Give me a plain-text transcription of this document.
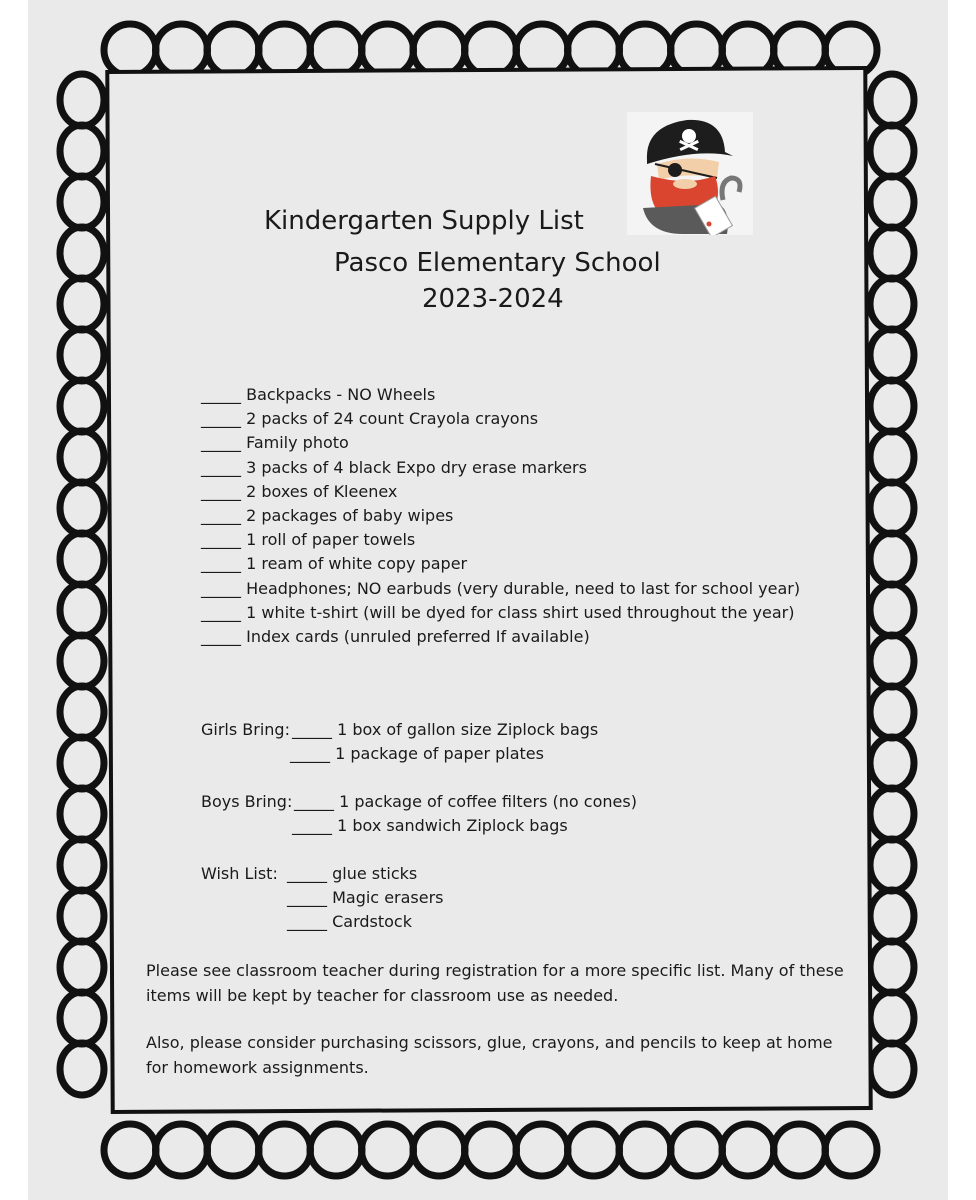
Kindergarten Supply List
Pasco Elementary School
2023-2024
_____ Backpacks - NO Wheels
_____ 2 packs of 24 count Crayola crayons
_____ Family photo
_____ 3 packs of 4 black Expo dry erase markers
_____ 2 boxes of Kleenex
_____ 2 packages of baby wipes
_____ 1 roll of paper towels
_____ 1 ream of white copy paper
_____ Headphones; NO earbuds (very durable, need to last for school year)
_____ 1 white t-shirt (will be dyed for class shirt used throughout the year)
_____ Index cards (unruled preferred If available)
Girls Bring: _____ 1 box of gallon size Ziplock bags
_____ 1 package of paper plates
Boys Bring: _____ 1 package of coffee filters (no cones)
_____ 1 box sandwich Ziplock bags
Wish List: _____ glue sticks
_____ Magic erasers
_____ Cardstock
Please see classroom teacher during registration for a more specific list. Many of these items will be kept by teacher for classroom use as needed.
Also, please consider purchasing scissors, glue, crayons, and pencils to keep at home for homework assignments.
